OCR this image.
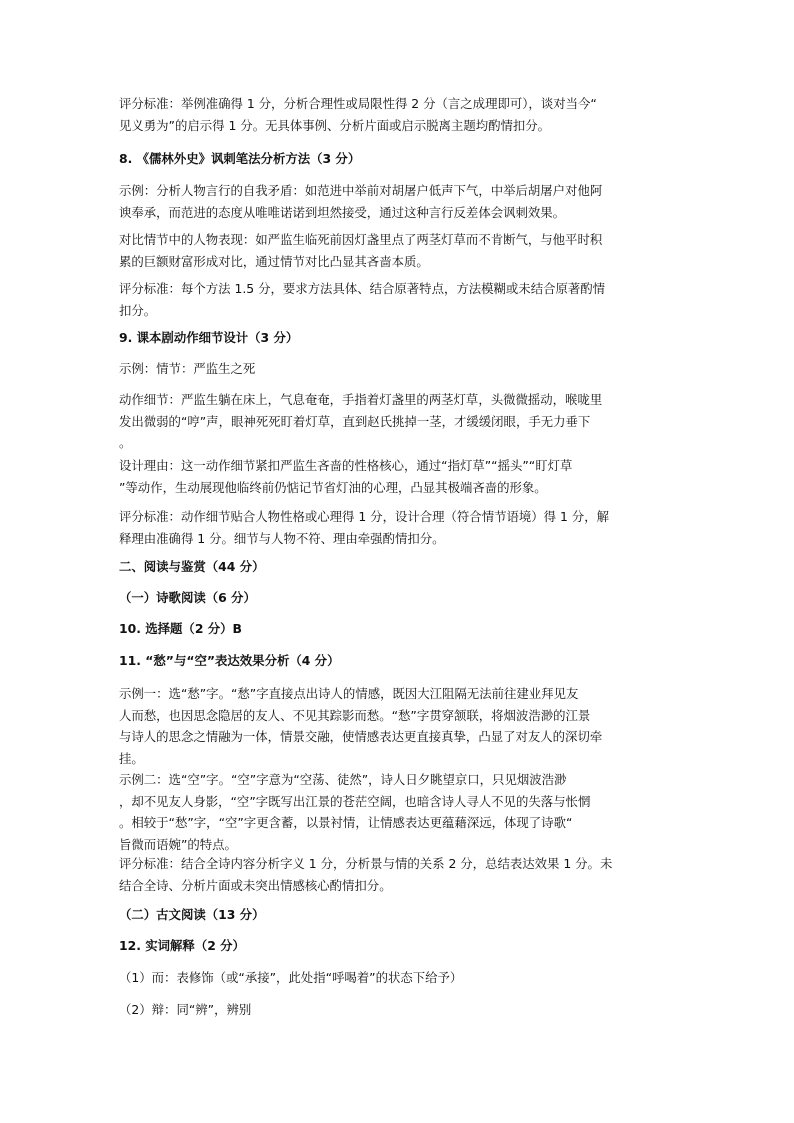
评分标准：举例准确得 1 分，分析合理性或局限性得 2 分（言之成理即可），谈对当今“
见义勇为”的启示得 1 分。无具体事例、分析片面或启示脱离主题均酌情扣分。
8. 《儒林外史》讽刺笔法分析方法（3 分）
示例：分析人物言行的自我矛盾：如范进中举前对胡屠户低声下气，中举后胡屠户对他阿
谀奉承，而范进的态度从唯唯诺诺到坦然接受，通过这种言行反差体会讽刺效果。
对比情节中的人物表现：如严监生临死前因灯盏里点了两茎灯草而不肯断气，与他平时积
累的巨额财富形成对比，通过情节对比凸显其吝啬本质。
评分标准：每个方法 1.5 分，要求方法具体、结合原著特点，方法模糊或未结合原著酌情
扣分。
9. 课本剧动作细节设计（3 分）
示例：情节：严监生之死
动作细节：严监生躺在床上，气息奄奄，手指着灯盏里的两茎灯草，头微微摇动，喉咙里
发出微弱的“哼”声，眼神死死盯着灯草，直到赵氏挑掉一茎，才缓缓闭眼，手无力垂下
。
设计理由：这一动作细节紧扣严监生吝啬的性格核心，通过“指灯草”“摇头”“盯灯草
”等动作，生动展现他临终前仍惦记节省灯油的心理，凸显其极端吝啬的形象。
评分标准：动作细节贴合人物性格或心理得 1 分，设计合理（符合情节语境）得 1 分，解
释理由准确得 1 分。细节与人物不符、理由牵强酌情扣分。
二、阅读与鉴赏（44 分）
（一）诗歌阅读（6 分）
10. 选择题（2 分）B
11. “愁”与“空”表达效果分析（4 分）
示例一：选“愁”字。“愁”字直接点出诗人的情感，既因大江阻隔无法前往建业拜见友
人而愁，也因思念隐居的友人、不见其踪影而愁。“愁”字贯穿颔联，将烟波浩渺的江景
与诗人的思念之情融为一体，情景交融，使情感表达更直接真挚，凸显了对友人的深切牵
挂。
示例二：选“空”字。“空”字意为“空荡、徒然”，诗人日夕眺望京口，只见烟波浩渺
，却不见友人身影，“空”字既写出江景的苍茫空阔，也暗含诗人寻人不见的失落与怅惘
。相较于“愁”字，“空”字更含蓄，以景衬情，让情感表达更蕴藉深远，体现了诗歌“
旨微而语婉”的特点。
评分标准：结合全诗内容分析字义 1 分，分析景与情的关系 2 分，总结表达效果 1 分。未
结合全诗、分析片面或未突出情感核心酌情扣分。
（二）古文阅读（13 分）
12. 实词解释（2 分）
（1）而：表修饰（或“承接”，此处指“呼喝着”的状态下给予）
（2）辩：同“辨”，辨别
